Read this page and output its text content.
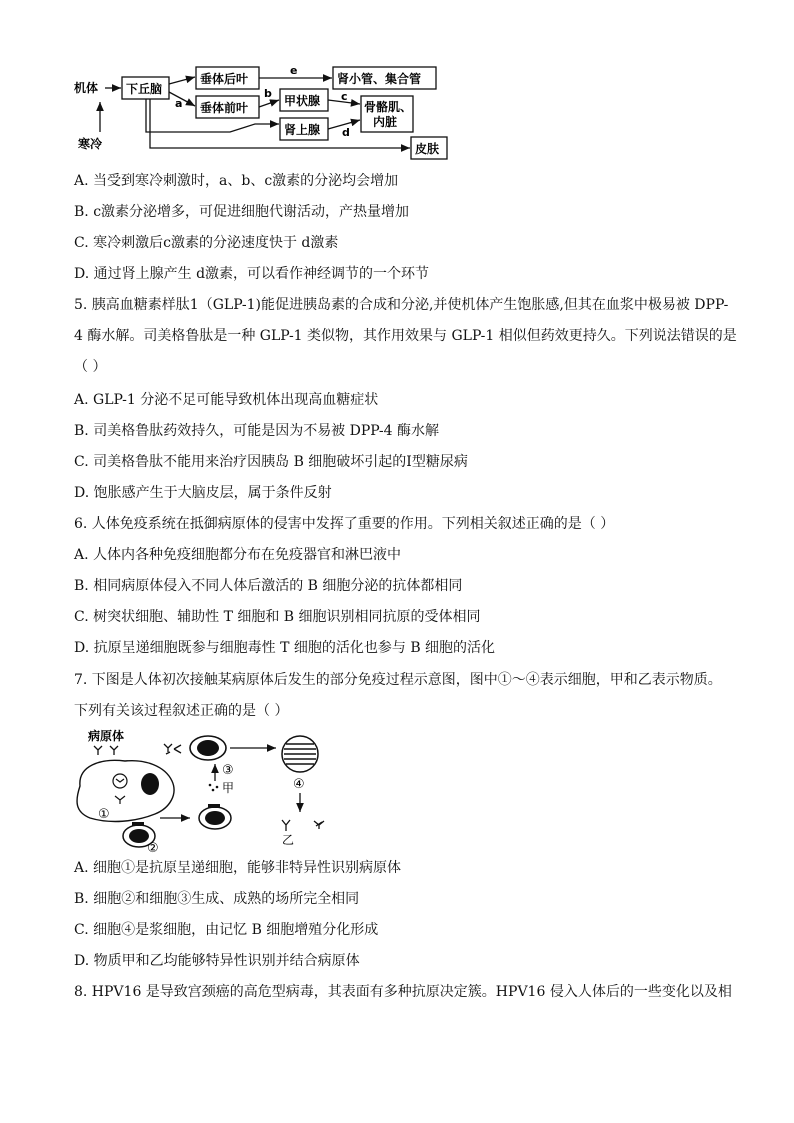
机体
寒冷
下丘脑
垂体后叶
垂体前叶
a
e
肾小管、集合管
b
甲状腺
肾上腺
c
d
骨骼肌、
内脏
皮肤
A. 当受到寒冷刺激时，a、b、c激素的分泌均会增加
B. c激素分泌增多，可促进细胞代谢活动，产热量增加
C. 寒冷刺激后c激素的分泌速度快于 d激素
D. 通过肾上腺产生 d激素，可以看作神经调节的一个环节
5. 胰高血糖素样肽1（GLP-1)能促进胰岛素的合成和分泌,并使机体产生饱胀感,但其在血浆中极易被 DPP-
4 酶水解。司美格鲁肽是一种 GLP-1 类似物，其作用效果与 GLP-1 相似但药效更持久。下列说法错误的是
（ ）
A. GLP-1 分泌不足可能导致机体出现高血糖症状
B. 司美格鲁肽药效持久，可能是因为不易被 DPP-4 酶水解
C. 司美格鲁肽不能用来治疗因胰岛 B 细胞破坏引起的Ⅰ型糖尿病
D. 饱胀感产生于大脑皮层，属于条件反射
6. 人体免疫系统在抵御病原体的侵害中发挥了重要的作用。下列相关叙述正确的是（ ）
A. 人体内各种免疫细胞都分布在免疫器官和淋巴液中
B. 相同病原体侵入不同人体后激活的 B 细胞分泌的抗体都相同
C. 树突状细胞、辅助性 T 细胞和 B 细胞识别相同抗原的受体相同
D. 抗原呈递细胞既参与细胞毒性 T 细胞的活化也参与 B 细胞的活化
7. 下图是人体初次接触某病原体后发生的部分免疫过程示意图，图中①～④表示细胞，甲和乙表示物质。
下列有关该过程叙述正确的是（ ）
病原体
①
②
甲
③
④
乙
A. 细胞①是抗原呈递细胞，能够非特异性识别病原体
B. 细胞②和细胞③生成、成熟的场所完全相同
C. 细胞④是浆细胞，由记忆 B 细胞增殖分化形成
D. 物质甲和乙均能够特异性识别并结合病原体
8. HPV16 是导致宫颈癌的高危型病毒，其表面有多种抗原决定簇。HPV16 侵入人体后的一些变化以及相
